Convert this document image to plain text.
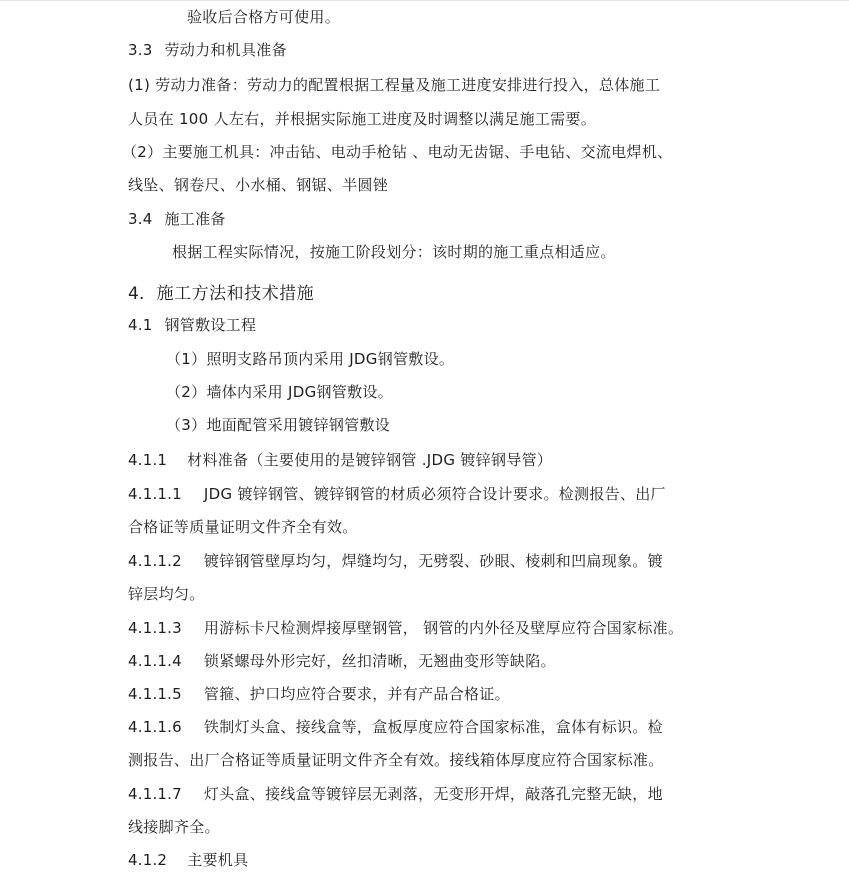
验收后合格方可使用。
3.3 劳动力和机具准备
(1) 劳动力准备：劳动力的配置根据工程量及施工进度安排进行投入，总体施工
人员在 100 人左右，并根据实际施工进度及时调整以满足施工需要。
（2）主要施工机具：冲击钻、电动手枪钻 、电动无齿锯、手电钻、交流电焊机、
线坠、钢卷尺、小水桶、钢锯、半圆锉
3.4 施工准备
根据工程实际情况，按施工阶段划分：该时期的施工重点相适应。
4. 施工方法和技术措施
4.1 钢管敷设工程
（1）照明支路吊顶内采用 JDG钢管敷设。
（2）墙体内采用 JDG钢管敷设。
（3）地面配管采用镀锌钢管敷设
4.1.1 材料准备（主要使用的是镀锌钢管 .JDG 镀锌钢导管）
4.1.1.1 JDG 镀锌钢管、镀锌钢管的材质必须符合设计要求。检测报告、出厂
合格证等质量证明文件齐全有效。
4.1.1.2 镀锌钢管壁厚均匀，焊缝均匀，无劈裂、砂眼、棱刺和凹扁现象。镀
锌层均匀。
4.1.1.3 用游标卡尺检测焊接厚壁钢管， 钢管的内外径及壁厚应符合国家标准。
4.1.1.4 锁紧螺母外形完好，丝扣清晰，无翘曲变形等缺陷。
4.1.1.5 管箍、护口均应符合要求，并有产品合格证。
4.1.1.6 铁制灯头盒、接线盒等，盒板厚度应符合国家标准，盒体有标识。检
测报告、出厂合格证等质量证明文件齐全有效。接线箱体厚度应符合国家标准。
4.1.1.7 灯头盒、接线盒等镀锌层无剥落，无变形开焊，敲落孔完整无缺，地
线接脚齐全。
4.1.2 主要机具
